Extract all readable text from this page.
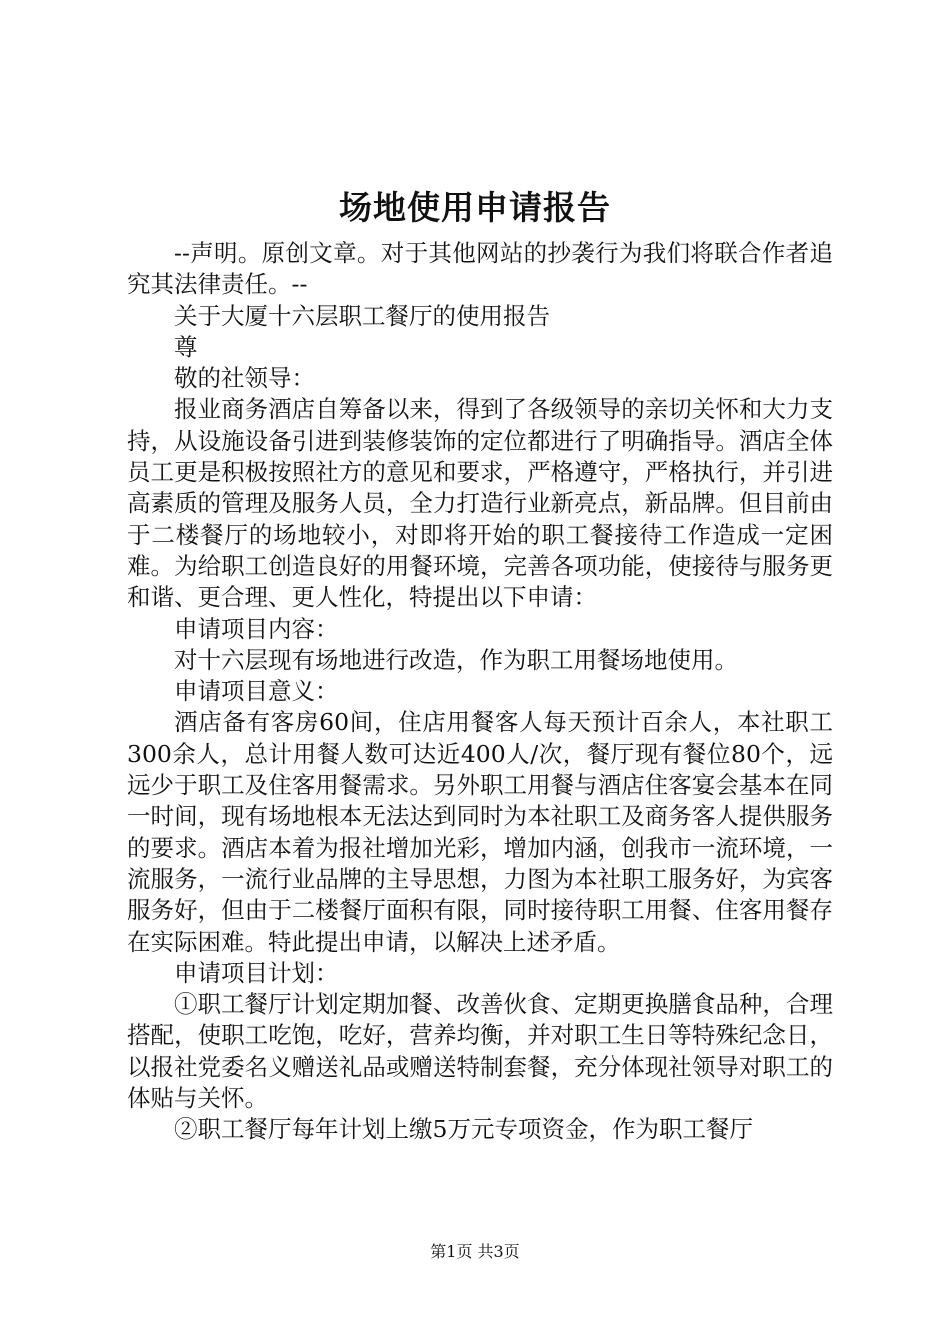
场地使用申请报告

--声明。原创文章。对于其他网站的抄袭行为我们将联合作者追究其法律责任。--

关于大厦十六层职工餐厅的使用报告

尊

敬的社领导：

报业商务酒店自筹备以来，得到了各级领导的亲切关怀和大力支持，从设施设备引进到装修装饰的定位都进行了明确指导。酒店全体员工更是积极按照社方的意见和要求，严格遵守，严格执行，并引进高素质的管理及服务人员，全力打造行业新亮点，新品牌。但目前由于二楼餐厅的场地较小，对即将开始的职工餐接待工作造成一定困难。为给职工创造良好的用餐环境，完善各项功能，使接待与服务更和谐、更合理、更人性化，特提出以下申请：

申请项目内容：

对十六层现有场地进行改造，作为职工用餐场地使用。

申请项目意义：

酒店备有客房60间，住店用餐客人每天预计百余人，本社职工300余人，总计用餐人数可达近400人/次，餐厅现有餐位80个，远远少于职工及住客用餐需求。另外职工用餐与酒店住客宴会基本在同一时间，现有场地根本无法达到同时为本社职工及商务客人提供服务的要求。酒店本着为报社增加光彩，增加内涵，创我市一流环境，一流服务，一流行业品牌的主导思想，力图为本社职工服务好，为宾客服务好，但由于二楼餐厅面积有限，同时接待职工用餐、住客用餐存在实际困难。特此提出申请，以解决上述矛盾。

申请项目计划：

①职工餐厅计划定期加餐、改善伙食、定期更换膳食品种，合理搭配，使职工吃饱，吃好，营养均衡，并对职工生日等特殊纪念日，以报社党委名义赠送礼品或赠送特制套餐，充分体现社领导对职工的体贴与关怀。

②职工餐厅每年计划上缴5万元专项资金，作为职工餐厅

第1页 共3页
